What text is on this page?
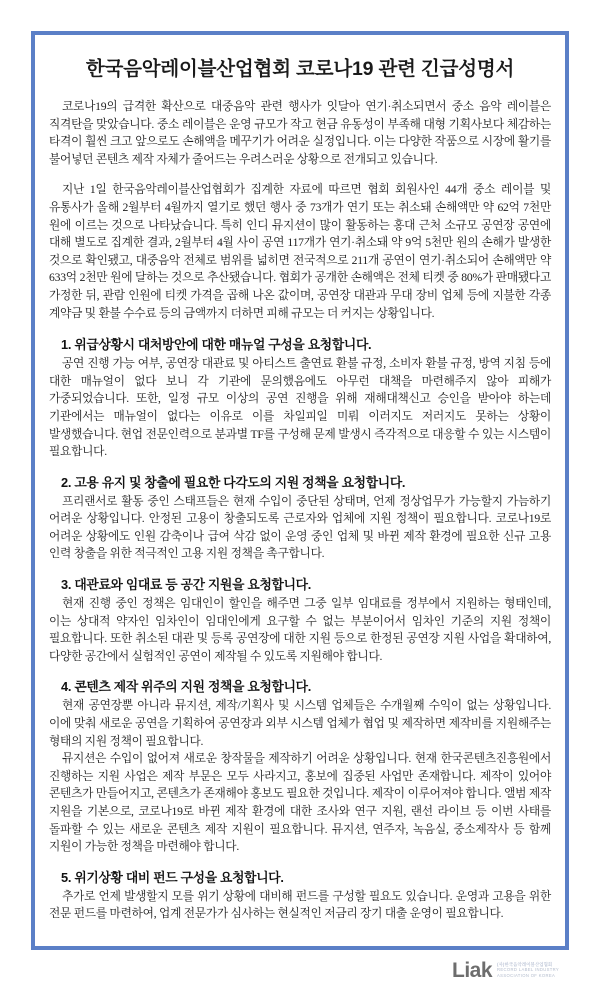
한국음악레이블산업협회 코로나19 관련 긴급성명서

코로나19의 급격한 확산으로 대중음악 관련 행사가 잇달아 연기·취소되면서 중소 음악 레이블은 직격탄을 맞았습니다. 중소 레이블은 운영 규모가 작고 현금 유동성이 부족해 대형 기획사보다 체감하는 타격이 훨씬 크고 앞으로도 손해액을 메꾸기가 어려운 실정입니다. 이는 다양한 작품으로 시장에 활기를 불어넣던 콘텐츠 제작 자체가 줄어드는 우려스러운 상황으로 전개되고 있습니다.

지난 1일 한국음악레이블산업협회가 집계한 자료에 따르면 협회 회원사인 44개 중소 레이블 및 유통사가 올해 2월부터 4월까지 열기로 했던 행사 중 73개가 연기 또는 취소돼 손해액만 약 62억 7천만 원에 이르는 것으로 나타났습니다. 특히 인디 뮤지션이 많이 활동하는 홍대 근처 소규모 공연장 공연에 대해 별도로 집계한 결과, 2월부터 4월 사이 공연 117개가 연기·취소돼 약 9억 5천만 원의 손해가 발생한 것으로 확인됐고, 대중음악 전체로 범위를 넓히면 전국적으로 211개 공연이 연기·취소되어 손해액만 약 633억 2천만 원에 달하는 것으로 추산됐습니다. 협회가 공개한 손해액은 전체 티켓 중 80%가 판매됐다고 가정한 뒤, 관람 인원에 티켓 가격을 곱해 나온 값이며, 공연장 대관과 무대 장비 업체 등에 지불한 각종 계약금 및 환불 수수료 등의 금액까지 더하면 피해 규모는 더 커지는 상황입니다.

1. 위급상황시 대처방안에 대한 매뉴얼 구성을 요청합니다.

공연 진행 가능 여부, 공연장 대관료 및 아티스트 출연료 환불 규정, 소비자 환불 규정, 방역 지침 등에 대한 매뉴얼이 없다 보니 각 기관에 문의했음에도 아무런 대책을 마련해주지 않아 피해가 가중되었습니다. 또한, 일정 규모 이상의 공연 진행을 위해 재해대책신고 승인을 받아야 하는데 기관에서는 매뉴얼이 없다는 이유로 이를 차일피일 미뤄 이러지도 저러지도 못하는 상황이 발생했습니다. 현업 전문인력으로 분과별 TF를 구성해 문제 발생시 즉각적으로 대응할 수 있는 시스템이 필요합니다.

2. 고용 유지 및 창출에 필요한 다각도의 지원 정책을 요청합니다.

프리랜서로 활동 중인 스태프들은 현재 수입이 중단된 상태며, 언제 정상업무가 가능할지 가늠하기 어려운 상황입니다. 안정된 고용이 창출되도록 근로자와 업체에 지원 정책이 필요합니다. 코로나19로 어려운 상황에도 인원 감축이나 급여 삭감 없이 운영 중인 업체 및 바뀐 제작 환경에 필요한 신규 고용 인력 창출을 위한 적극적인 고용 지원 정책을 촉구합니다.

3. 대관료와 임대료 등 공간 지원을 요청합니다.

현재 진행 중인 정책은 임대인이 할인을 해주면 그중 일부 임대료를 정부에서 지원하는 형태인데, 이는 상대적 약자인 임차인이 임대인에게 요구할 수 없는 부분이어서 임차인 기준의 지원 정책이 필요합니다. 또한 취소된 대관 및 등록 공연장에 대한 지원 등으로 한정된 공연장 지원 사업을 확대하여, 다양한 공간에서 실험적인 공연이 제작될 수 있도록 지원해야 합니다.

4. 콘텐츠 제작 위주의 지원 정책을 요청합니다.

현재 공연장뿐 아니라 뮤지션, 제작/기획사 및 시스템 업체들은 수개월째 수익이 없는 상황입니다. 이에 맞춰 새로운 공연을 기획하여 공연장과 외부 시스템 업체가 협업 및 제작하면 제작비를 지원해주는 형태의 지원 정책이 필요합니다.

뮤지션은 수입이 없어져 새로운 창작물을 제작하기 어려운 상황입니다. 현재 한국콘텐츠진흥원에서 진행하는 지원 사업은 제작 부문은 모두 사라지고, 홍보에 집중된 사업만 존재합니다. 제작이 있어야 콘텐츠가 만들어지고, 콘텐츠가 존재해야 홍보도 필요한 것입니다. 제작이 이루어져야 합니다. 앨범 제작 지원을 기본으로, 코로나19로 바뀐 제작 환경에 대한 조사와 연구 지원, 랜선 라이브 등 이번 사태를 돌파할 수 있는 새로운 콘텐츠 제작 지원이 필요합니다. 뮤지션, 연주자, 녹음실, 중소제작사 등 함께 지원이 가능한 정책을 마련해야 합니다.

5. 위기상황 대비 펀드 구성을 요청합니다.

추가로 언제 발생할지 모를 위기 상황에 대비해 펀드를 구성할 필요도 있습니다. 운영과 고용을 위한 전문 펀드를 마련하여, 업계 전문가가 심사하는 현실적인 저금리 장기 대출 운영이 필요합니다.

Liak (사)한국음악레이블산업협회
RECORD LABEL INDUSTRY
ASSOCIATION OF KOREA
